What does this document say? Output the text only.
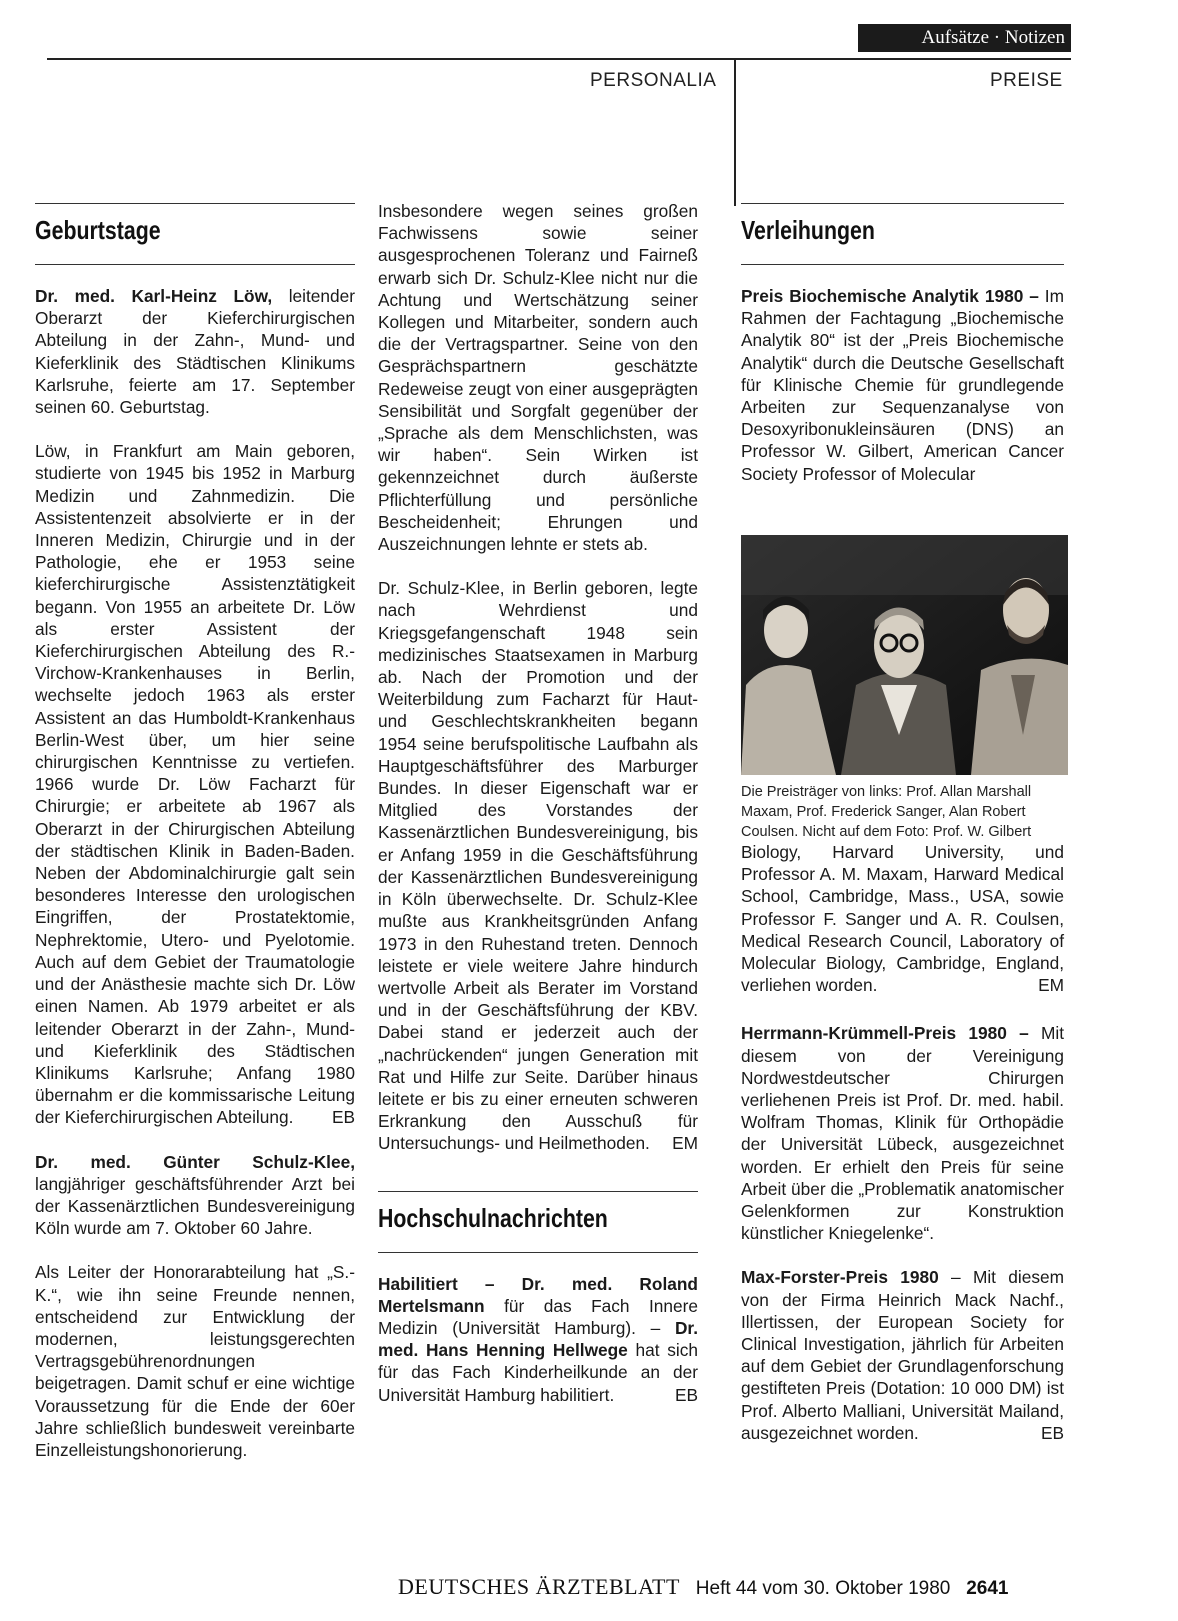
Aufsätze · Notizen
PERSONALIA	PREISE
Geburtstage

Dr. med. Karl-Heinz Löw, leitender Oberarzt der Kieferchirurgischen Abteilung in der Zahn-, Mund- und Kieferklinik des Städtischen Klinikums Karlsruhe, feierte am 17. September seinen 60. Geburtstag.

Löw, in Frankfurt am Main geboren, studierte von 1945 bis 1952 in Marburg Medizin und Zahnmedizin. Die Assistentenzeit absolvierte er in der Inneren Medizin, Chirurgie und in der Pathologie, ehe er 1953 seine kieferchirurgische Assistenztätigkeit begann. Von 1955 an arbeitete Dr. Löw als erster Assistent der Kieferchirurgischen Abteilung des R.-Virchow-Krankenhauses in Berlin, wechselte jedoch 1963 als erster Assistent an das Humboldt-Krankenhaus Berlin-West über, um hier seine chirurgischen Kenntnisse zu vertiefen. 1966 wurde Dr. Löw Facharzt für Chirurgie; er arbeitete ab 1967 als Oberarzt in der Chirurgischen Abteilung der städtischen Klinik in Baden-Baden. Neben der Abdominalchirurgie galt sein besonderes Interesse den urologischen Eingriffen, der Prostatektomie, Nephrektomie, Utero- und Pyelotomie. Auch auf dem Gebiet der Traumatologie und der Anästhesie machte sich Dr. Löw einen Namen. Ab 1979 arbeitet er als leitender Oberarzt in der Zahn-, Mund- und Kieferklinik des Städtischen Klinikums Karlsruhe; Anfang 1980 übernahm er die kommissarische Leitung der Kieferchirurgischen Abteilung. EB

Dr. med. Günter Schulz-Klee, langjähriger geschäftsführender Arzt bei der Kassenärztlichen Bundesvereinigung Köln wurde am 7. Oktober 60 Jahre.

Als Leiter der Honorarabteilung hat „S.-K.“, wie ihn seine Freunde nennen, entscheidend zur Entwicklung der modernen, leistungsgerechten Vertragsgebührenordnungen beigetragen. Damit schuf er eine wichtige Voraussetzung für die Ende der 60er Jahre schließlich bundesweit vereinbarte Einzelleistungshonorierung.

Insbesondere wegen seines großen Fachwissens sowie seiner ausgesprochenen Toleranz und Fairneß erwarb sich Dr. Schulz-Klee nicht nur die Achtung und Wertschätzung seiner Kollegen und Mitarbeiter, sondern auch die der Vertragspartner. Seine von den Gesprächspartnern geschätzte Redeweise zeugt von einer ausgeprägten Sensibilität und Sorgfalt gegenüber der „Sprache als dem Menschlichsten, was wir haben“. Sein Wirken ist gekennzeichnet durch äußerste Pflichterfüllung und persönliche Bescheidenheit; Ehrungen und Auszeichnungen lehnte er stets ab.

Dr. Schulz-Klee, in Berlin geboren, legte nach Wehrdienst und Kriegsgefangenschaft 1948 sein medizinisches Staatsexamen in Marburg ab. Nach der Promotion und der Weiterbildung zum Facharzt für Haut- und Geschlechtskrankheiten begann 1954 seine berufspolitische Laufbahn als Hauptgeschäftsführer des Marburger Bundes. In dieser Eigenschaft war er Mitglied des Vorstandes der Kassenärztlichen Bundesvereinigung, bis er Anfang 1959 in die Geschäftsführung der Kassenärztlichen Bundesvereinigung in Köln überwechselte. Dr. Schulz-Klee mußte aus Krankheitsgründen Anfang 1973 in den Ruhestand treten. Dennoch leistete er viele weitere Jahre hindurch wertvolle Arbeit als Berater im Vorstand und in der Geschäftsführung der KBV. Dabei stand er jederzeit auch der „nachrückenden“ jungen Generation mit Rat und Hilfe zur Seite. Darüber hinaus leitete er bis zu einer erneuten schweren Erkrankung den Ausschuß für Untersuchungs- und Heilmethoden. EM

Hochschulnachrichten

Habilitiert – Dr. med. Roland Mertelsmann für das Fach Innere Medizin (Universität Hamburg). – Dr. med. Hans Henning Hellwege hat sich für das Fach Kinderheilkunde an der Universität Hamburg habilitiert.	EB

Verleihungen

Preis Biochemische Analytik 1980 – Im Rahmen der Fachtagung „Biochemische Analytik 80“ ist der „Preis Biochemische Analytik“ durch die Deutsche Gesellschaft für Klinische Chemie für grundlegende Arbeiten zur Sequenzanalyse von Desoxyribonukleinsäuren (DNS) an Professor W. Gilbert, American Cancer Society Professor of Molecular

Die Preisträger von links: Prof. Allan Marshall Maxam, Prof. Frederick Sanger, Alan Robert Coulsen. Nicht auf dem Foto: Prof. W. Gilbert

Biology, Harvard University, und Professor A. M. Maxam, Harward Medical School, Cambridge, Mass., USA, sowie Professor F. Sanger und A. R. Coulsen, Medical Research Council, Laboratory of Molecular Biology, Cambridge, England, verliehen worden.	EM

Herrmann-Krümmell-Preis 1980 – Mit diesem von der Vereinigung Nordwestdeutscher Chirurgen verliehenen Preis ist Prof. Dr. med. habil. Wolfram Thomas, Klinik für Orthopädie der Universität Lübeck, ausgezeichnet worden. Er erhielt den Preis für seine Arbeit über die „Problematik anatomischer Gelenkformen zur Konstruktion künstlicher Kniegelenke“.

Max-Forster-Preis 1980 – Mit diesem von der Firma Heinrich Mack Nachf., Illertissen, der European Society for Clinical Investigation, jährlich für Arbeiten auf dem Gebiet der Grundlagenforschung gestifteten Preis (Dotation: 10 000 DM) ist Prof. Alberto Malliani, Universität Mailand, ausgezeichnet worden.	EB

DEUTSCHES ÄRZTEBLATT Heft 44 vom 30. Oktober 1980 2641
